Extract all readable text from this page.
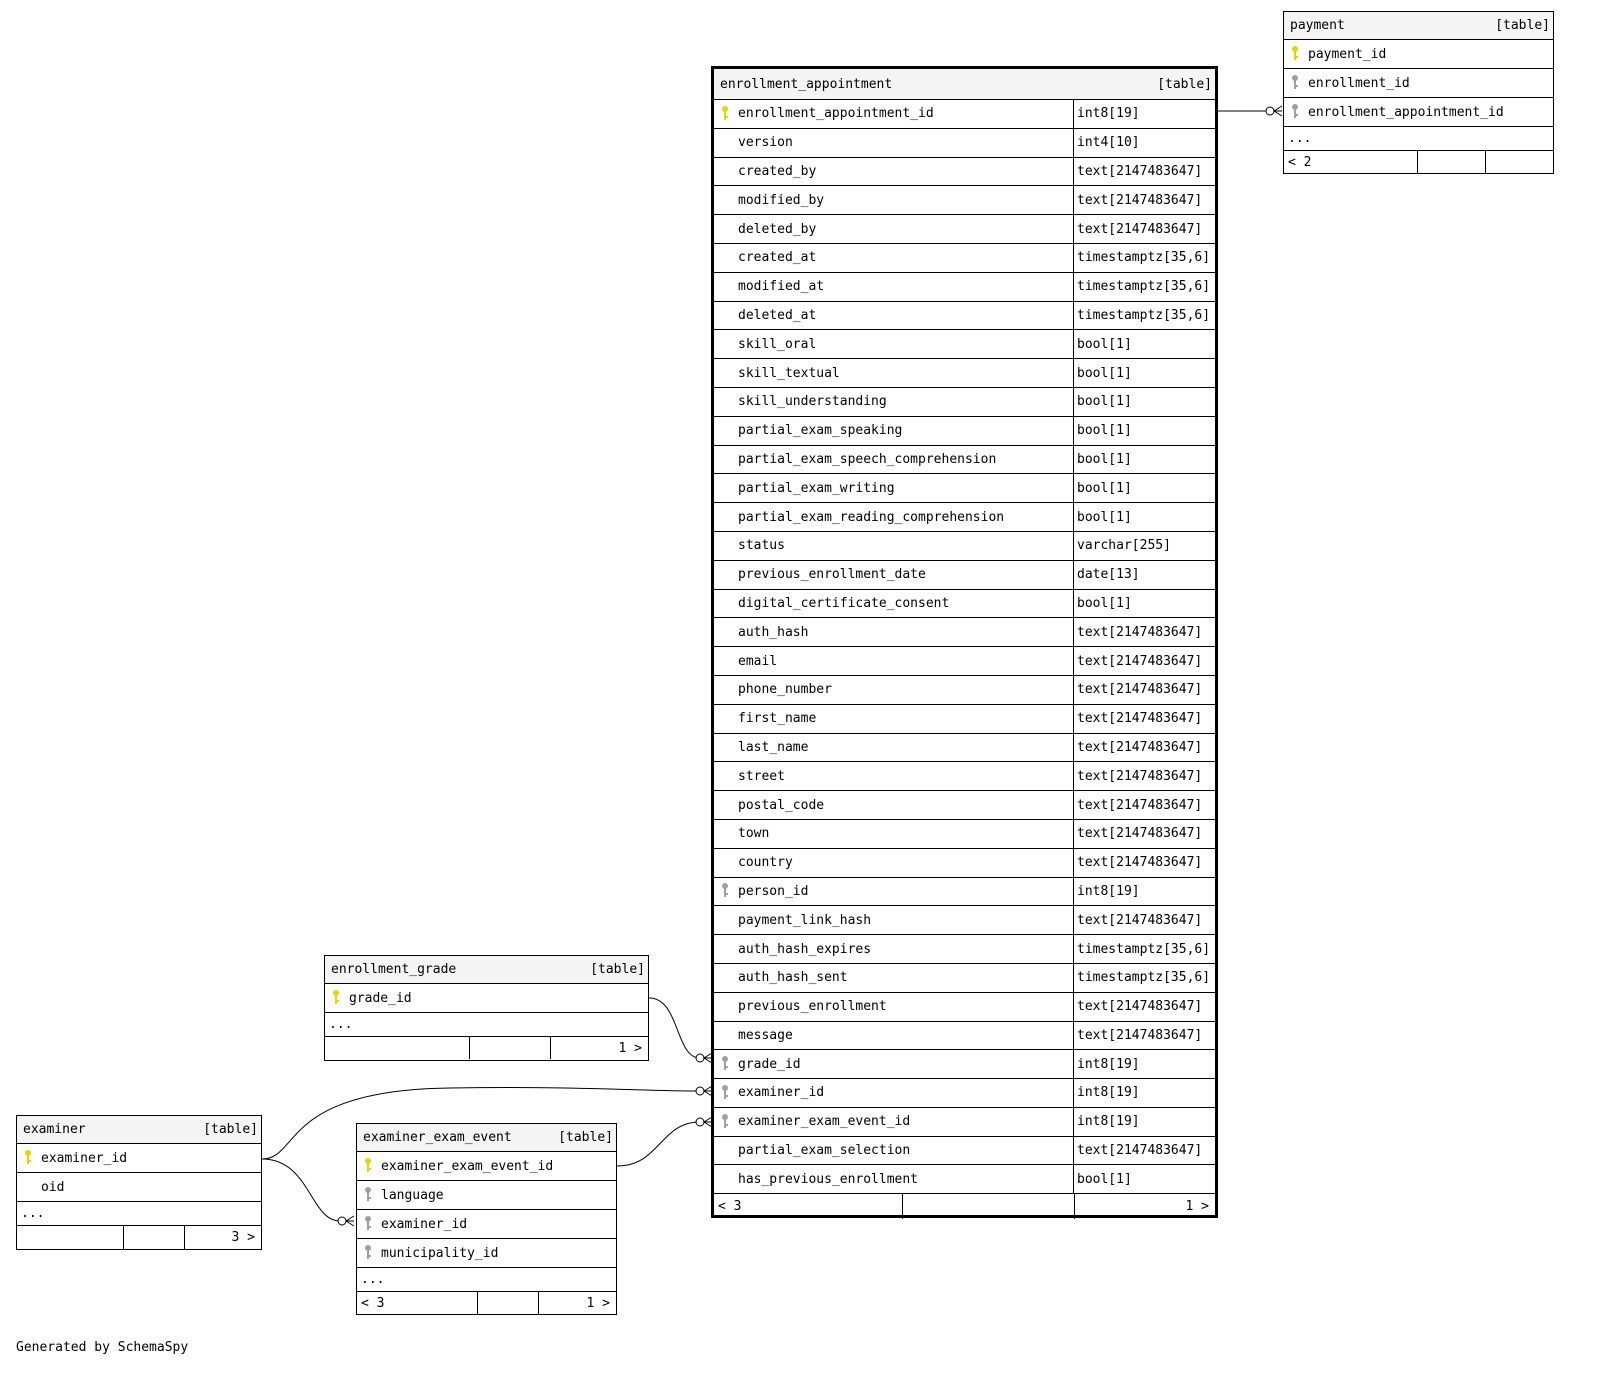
enrollment_appointment	[table]
enrollment_appointment_id	int8[19]
version	int4[10]
created_by	text[2147483647]
modified_by	text[2147483647]
deleted_by	text[2147483647]
created_at	timestamptz[35,6]
modified_at	timestamptz[35,6]
deleted_at	timestamptz[35,6]
skill_oral	bool[1]
skill_textual	bool[1]
skill_understanding	bool[1]
partial_exam_speaking	bool[1]
partial_exam_speech_comprehension	bool[1]
partial_exam_writing	bool[1]
partial_exam_reading_comprehension	bool[1]
status	varchar[255]
previous_enrollment_date	date[13]
digital_certificate_consent	bool[1]
auth_hash	text[2147483647]
email	text[2147483647]
phone_number	text[2147483647]
first_name	text[2147483647]
last_name	text[2147483647]
street	text[2147483647]
postal_code	text[2147483647]
town	text[2147483647]
country	text[2147483647]
person_id	int8[19]
payment_link_hash	text[2147483647]
auth_hash_expires	timestamptz[35,6]
auth_hash_sent	timestamptz[35,6]
previous_enrollment	text[2147483647]
message	text[2147483647]
grade_id	int8[19]
examiner_id	int8[19]
examiner_exam_event_id	int8[19]
partial_exam_selection	text[2147483647]
has_previous_enrollment	bool[1]
< 3	1 >
payment	[table]
payment_id
enrollment_id
enrollment_appointment_id
...
< 2
enrollment_grade	[table]
grade_id
...
1 >
examiner	[table]
examiner_id
oid
...
3 >
examiner_exam_event	[table]
examiner_exam_event_id
language
examiner_id
municipality_id
...
< 3	1 >
Generated by SchemaSpy
